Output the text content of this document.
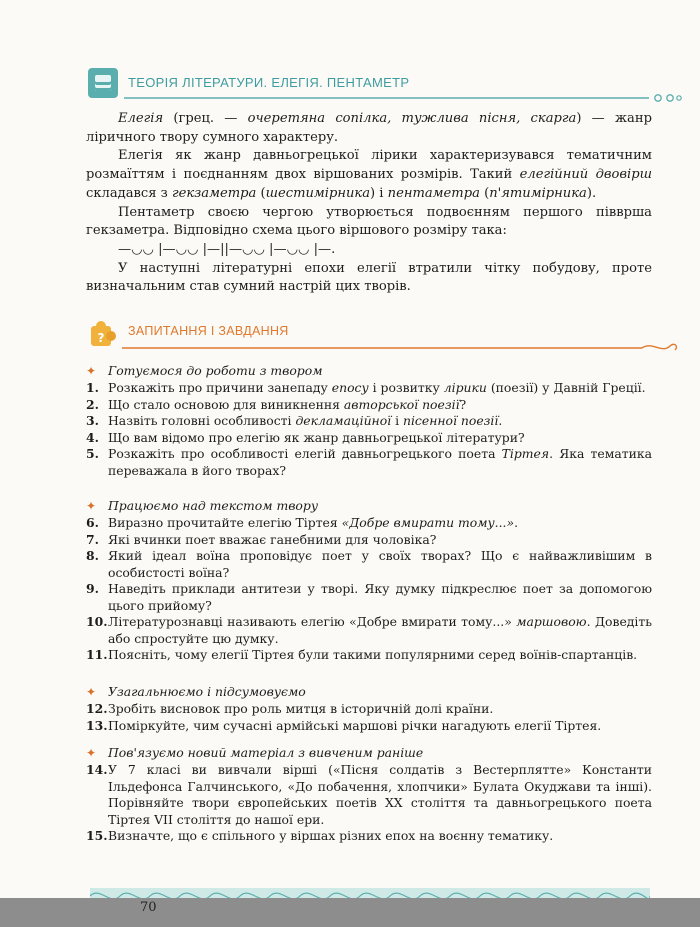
ТЕОРІЯ ЛІТЕРАТУРИ. ЕЛЕГІЯ. ПЕНТАМЕТР

Елегія (грец. — очеретяна сопілка, тужлива пісня, скарга) — жанр ліричного твору сумного характеру.

Елегія як жанр давньогрецької лірики характеризувався тематичним розмаїттям і поєднанням двох віршованих розмірів. Такий елегійний двовірш складався з гекзаметра (шестимірника) і пентаметра (п'ятимірника).

Пентаметр своєю чергою утворюється подвоєнням першого півврша гекзаметра. Відповідно схема цього віршового розміру така:

—◡◡ |—◡◡ |—||—◡◡ |—◡◡ |—.

У наступні літературні епохи елегії втратили чітку побудову, проте визначальним став сумний настрій цих творів.

? ЗАПИТАННЯ І ЗАВДАННЯ
✦ Готуємося до роботи з твором
1. Розкажіть про причини занепаду епосу і розвитку лірики (поезії) у Давній Греції.
2. Що стало основою для виникнення авторської поезії?
3. Назвіть головні особливості декламаційної і пісенної поезії.
4. Що вам відомо про елегію як жанр давньогрецької літератури?
5. Розкажіть про особливості елегій давньогрецького поета Тіртея. Яка тематика переважала в його творах?
✦ Працюємо над текстом твору
6. Виразно прочитайте елегію Тіртея «Добре вмирати тому...».
7. Які вчинки поет вважає ганебними для чоловіка?
8. Який ідеал воїна проповідує поет у своїх творах? Що є найважливішим в особистості воїна?
9. Наведіть приклади антитези у творі. Яку думку підкреслює поет за допомогою цього прийому?
10. Літературознавці називають елегію «Добре вмирати тому...» маршовою. Доведіть або спростуйте цю думку.
11. Поясніть, чому елегії Тіртея були такими популярними серед воїнів-спартанців.
✦ Узагальнюємо і підсумовуємо
12. Зробіть висновок про роль митця в історичній долі країни.
13. Поміркуйте, чим сучасні армійські маршові річки нагадують елегії Тіртея.
✦ Пов'язуємо новий матеріал з вивченим раніше
14. У 7 класі ви вивчали вірші («Пісня солдатів з Вестерплятте» Константи Ільдефонса Галчинського, «До побачення, хлопчики» Булата Окуджави та інші). Порівняйте твори європейських поетів XX століття та давньогрецького поета Тіртея VII століття до нашої ери.
15. Визначте, що є спільного у віршах різних епох на воєнну тематику.
70
